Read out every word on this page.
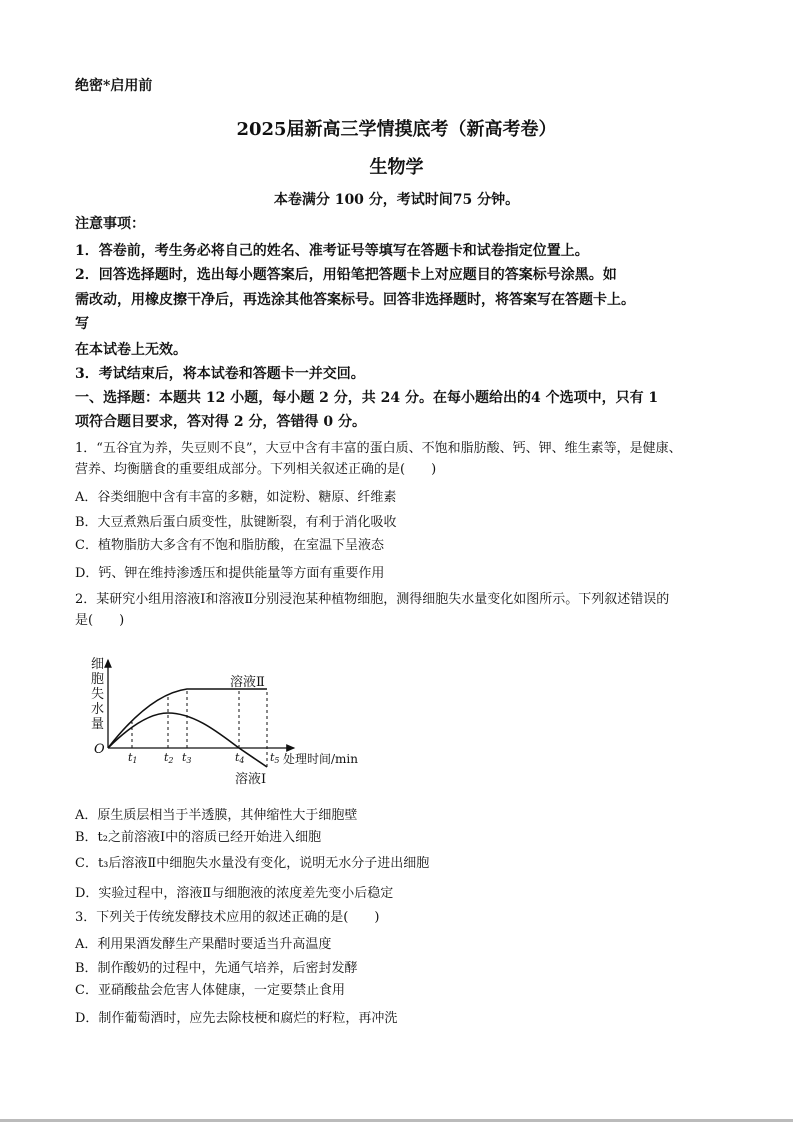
绝密*启用前
2025届新高三学情摸底考（新高考卷）
生物学
本卷满分 100 分，考试时间75 分钟。
注意事项：
1．答卷前，考生务必将自己的姓名、准考证号等填写在答题卡和试卷指定位置上。
2．回答选择题时，选出每小题答案后，用铅笔把答题卡上对应题目的答案标号涂黑。如
需改动，用橡皮擦干净后，再选涂其他答案标号。回答非选择题时，将答案写在答题卡上。
写
在本试卷上无效。
3．考试结束后，将本试卷和答题卡一并交回。
一、选择题：本题共 12 小题，每小题 2 分，共 24 分。在每小题给出的4 个选项中，只有 1
项符合题目要求，答对得 2 分，答错得 0 分。
1．“五谷宜为养，失豆则不良”，大豆中含有丰富的蛋白质、不饱和脂肪酸、钙、钾、维生素等，是健康、
营养、均衡膳食的重要组成部分。下列相关叙述正确的是(　　)
A．谷类细胞中含有丰富的多糖，如淀粉、糖原、纤维素
B．大豆煮熟后蛋白质变性，肽键断裂，有利于消化吸收
C．植物脂肪大多含有不饱和脂肪酸，在室温下呈液态
D．钙、钾在维持渗透压和提供能量等方面有重要作用
2．某研究小组用溶液Ⅰ和溶液Ⅱ分别浸泡某种植物细胞，测得细胞失水量变化如图所示。下列叙述错误的
是(　　)
细
胞
失
水
量
O
t1 t2 t3	t4 t5 处理时间/min
溶液Ⅱ
溶液Ⅰ
A．原生质层相当于半透膜，其伸缩性大于细胞壁
B．t₂之前溶液Ⅰ中的溶质已经开始进入细胞
C．t₃后溶液Ⅱ中细胞失水量没有变化，说明无水分子进出细胞
D．实验过程中，溶液Ⅱ与细胞液的浓度差先变小后稳定
3．下列关于传统发酵技术应用的叙述正确的是(　　)
A．利用果酒发酵生产果醋时要适当升高温度
B．制作酸奶的过程中，先通气培养，后密封发酵
C．亚硝酸盐会危害人体健康，一定要禁止食用
D．制作葡萄酒时，应先去除枝梗和腐烂的籽粒，再冲洗
